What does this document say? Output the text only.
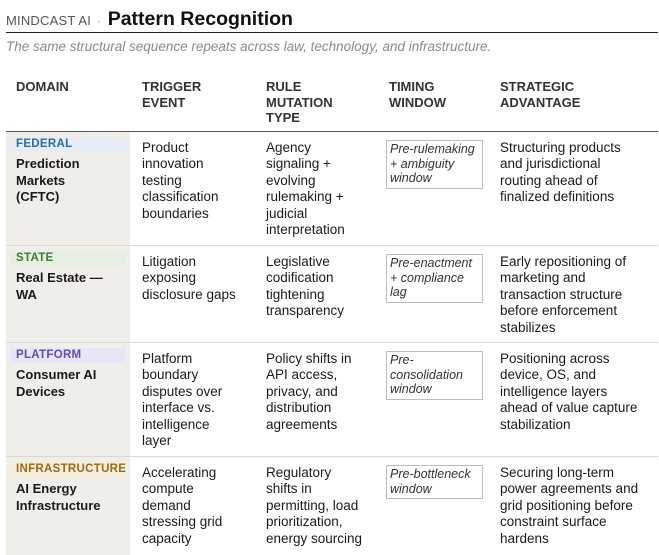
MINDCAST AI · Pattern Recognition
The same structural sequence repeats across law, technology, and infrastructure.
DOMAIN	TRIGGER
EVENT
RULE
MUTATION
TYPE
TIMING
WINDOW
STRATEGIC
ADVANTAGE
FEDERAL
Prediction
Markets
(CFTC)
Product
innovation
testing
classification
boundaries
Agency
signaling +
evolving
rulemaking +
judicial
interpretation
Pre-rulemaking
+ ambiguity
window
Structuring products
and jurisdictional
routing ahead of
finalized definitions
STATE
Real Estate —
WA
Litigation
exposing
disclosure gaps
Legislative
codification
tightening
transparency
Pre-enactment
+ compliance
lag
Early repositioning of
marketing and
transaction structure
before enforcement
stabilizes
PLATFORM
Consumer AI
Devices
Platform
boundary
disputes over
interface vs.
intelligence
layer
Policy shifts in
API access,
privacy, and
distribution
agreements
Pre-
consolidation
window
Positioning across
device, OS, and
intelligence layers
ahead of value capture
stabilization
INFRASTRUCTURE
AI Energy
Infrastructure
Accelerating
compute
demand
stressing grid
capacity
Regulatory
shifts in
permitting, load
prioritization,
energy sourcing
Pre-bottleneck
window
Securing long-term
power agreements and
grid positioning before
constraint surface
hardens
